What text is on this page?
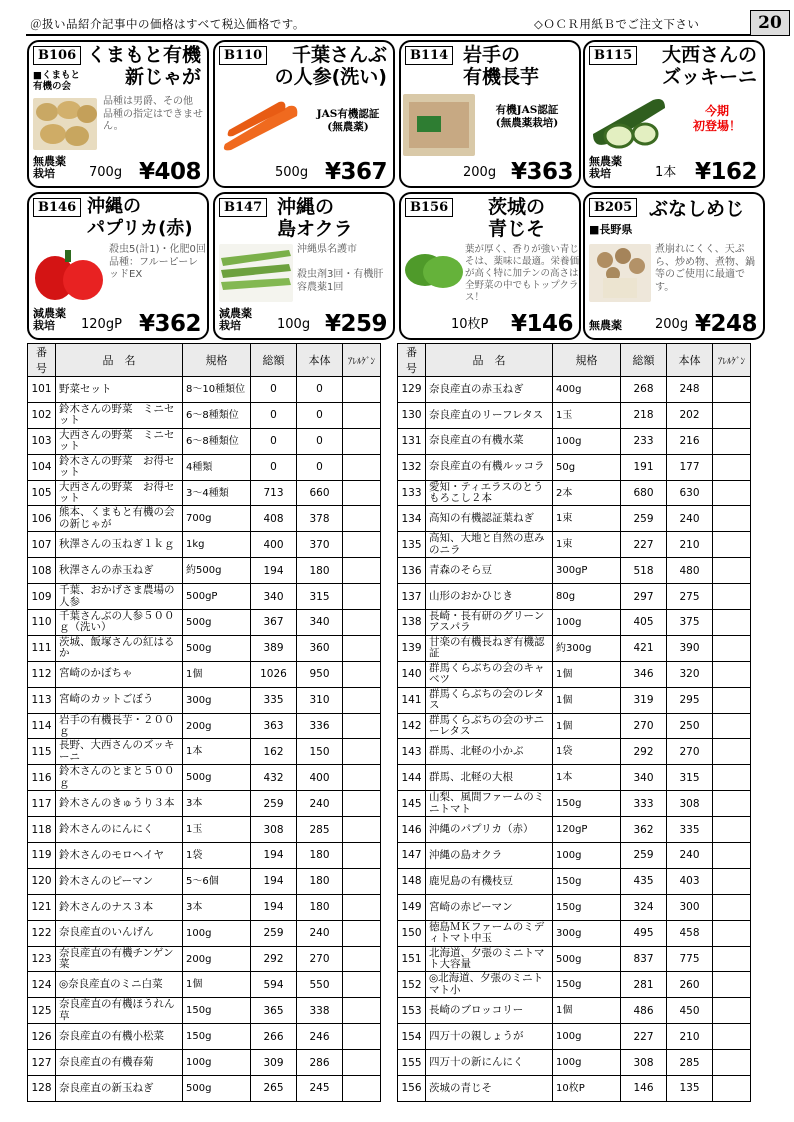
＠扱い品紹介記事中の価格はすべて税込価格です。	◇ＯＣＲ用紙Ｂでご注文下さい	20
B106 くまもと有機
新じゃが
■くまもと
有機の会
品種は男爵、その他
品種の指定はできません。
無農薬
栽培	700g ¥408
B110	千葉さんぶ
の人参(洗い)
JAS有機認証
(無農薬)
500g ¥367
B114 岩手の
有機長芋
有機JAS認証
(無農薬栽培)
200g ¥363
B115 大西さんの
ズッキーニ
今期
初登場！
無農薬
栽培	1本 ¥162
B146 沖縄の
パプリカ(赤)
殺虫5(計1)・化肥0回
品種：フルーピーレッドEX
減農薬
栽培	120gP ¥362
B147 沖縄の
島オクラ
沖縄県名護市

殺虫剤3回・有機肝
容農薬1回
減農薬
栽培	100g ¥259
B156 茨城の
青じそ
葉が厚く、香りが強い青じそは、薬味に最適。栄養価が高く特に加テンの高さは全野菜の中でもトップクラス！
10枚P ¥146
B205 ぶなしめじ
■長野県
煮崩れにくく、天ぷら、炒め物、煮物、鍋等のご使用に最適です。
無農薬	200g ¥248
番号	品　名	規格	総額	本体	ｱﾚﾙｹﾞﾝ
101	野菜セット	8～10種類位	0	0	
102	鈴木さんの野菜　ミニセット	6～8種類位	0	0	
103	大西さんの野菜　ミニセット	6～8種類位	0	0	
104	鈴木さんの野菜　お得セット	4種類	0	0	
105	大西さんの野菜　お得セット	3～4種類	713	660	
106	熊本、くまもと有機の会の新じゃが	700g	408	378	
107	秋澤さんの玉ねぎ１ｋｇ	1kg	400	370	
108	秋澤さんの赤玉ねぎ	約500g	194	180	
109	千葉、おかげさま農場の人参	500gP	340	315	
110	千葉さんぶの人参５００ｇ（洗い）	500g	367	340	
111	茨城、飯塚さんの紅はるか	500g	389	360	
112	宮崎のかぼちゃ	1個	1026	950	
113	宮崎のカットごぼう	300g	335	310	
114	岩手の有機長芋・２００ｇ	200g	363	336	
115	長野、大西さんのズッキーニ	1本	162	150	
116	鈴木さんのとまと５００ｇ	500g	432	400	
117	鈴木さんのきゅうり３本	3本	259	240	
118	鈴木さんのにんにく	1玉	308	285	
119	鈴木さんのモロヘイヤ	1袋	194	180	
120	鈴木さんのピーマン	5～6個	194	180	
121	鈴木さんのナス３本	3本	194	180	
122	奈良産直のいんげん	100g	259	240	
123	奈良産直の有機チンゲン菜	200g	292	270	
124	◎奈良産直のミニ白菜	1個	594	550	
125	奈良産直の有機ほうれん草	150g	365	338	
126	奈良産直の有機小松菜	150g	266	246	
127	奈良産直の有機春菊	100g	309	286	
128	奈良産直の新玉ねぎ	500g	265	245	
番号	品　名	規格	総額	本体	ｱﾚﾙｹﾞﾝ
129	奈良産直の赤玉ねぎ	400g	268	248	
130	奈良産直のリーフレタス	1玉	218	202	
131	奈良産直の有機水菜	100g	233	216	
132	奈良産直の有機ルッコラ	50g	191	177	
133	愛知・ティエラスのとうもろこし２本	2本	680	630	
134	高知の有機認証葉ねぎ	1束	259	240	
135	高知、大地と自然の恵みのニラ	1束	227	210	
136	青森のそら豆	300gP	518	480	
137	山形のおかひじき	80g	297	275	
138	長崎・長有研のグリーンアスパラ	100g	405	375	
139	甘楽の有機長ねぎ有機認証	約300g	421	390	
140	群馬くらぶちの会のキャベツ	1個	346	320	
141	群馬くらぶちの会のレタス	1個	319	295	
142	群馬くらぶちの会のサニーレタス	1個	270	250	
143	群馬、北軽の小かぶ	1袋	292	270	
144	群馬、北軽の大根	1本	340	315	
145	山梨、風間ファームのミニトマト	150g	333	308	
146	沖縄のパプリカ（赤）	120gP	362	335	
147	沖縄の島オクラ	100g	259	240	
148	鹿児島の有機枝豆	150g	435	403	
149	宮崎の赤ピーマン	150g	324	300	
150	徳島ＭＫファームのミディトマト中玉	300g	495	458	
151	北海道、夕張のミニトマト大容量	500g	837	775	
152	◎北海道、夕張のミニトマト小	150g	281	260	
153	長崎のブロッコリー	1個	486	450	
154	四万十の親しょうが	100g	227	210	
155	四万十の新にんにく	100g	308	285	
156	茨城の青じそ	10枚P	146	135	
